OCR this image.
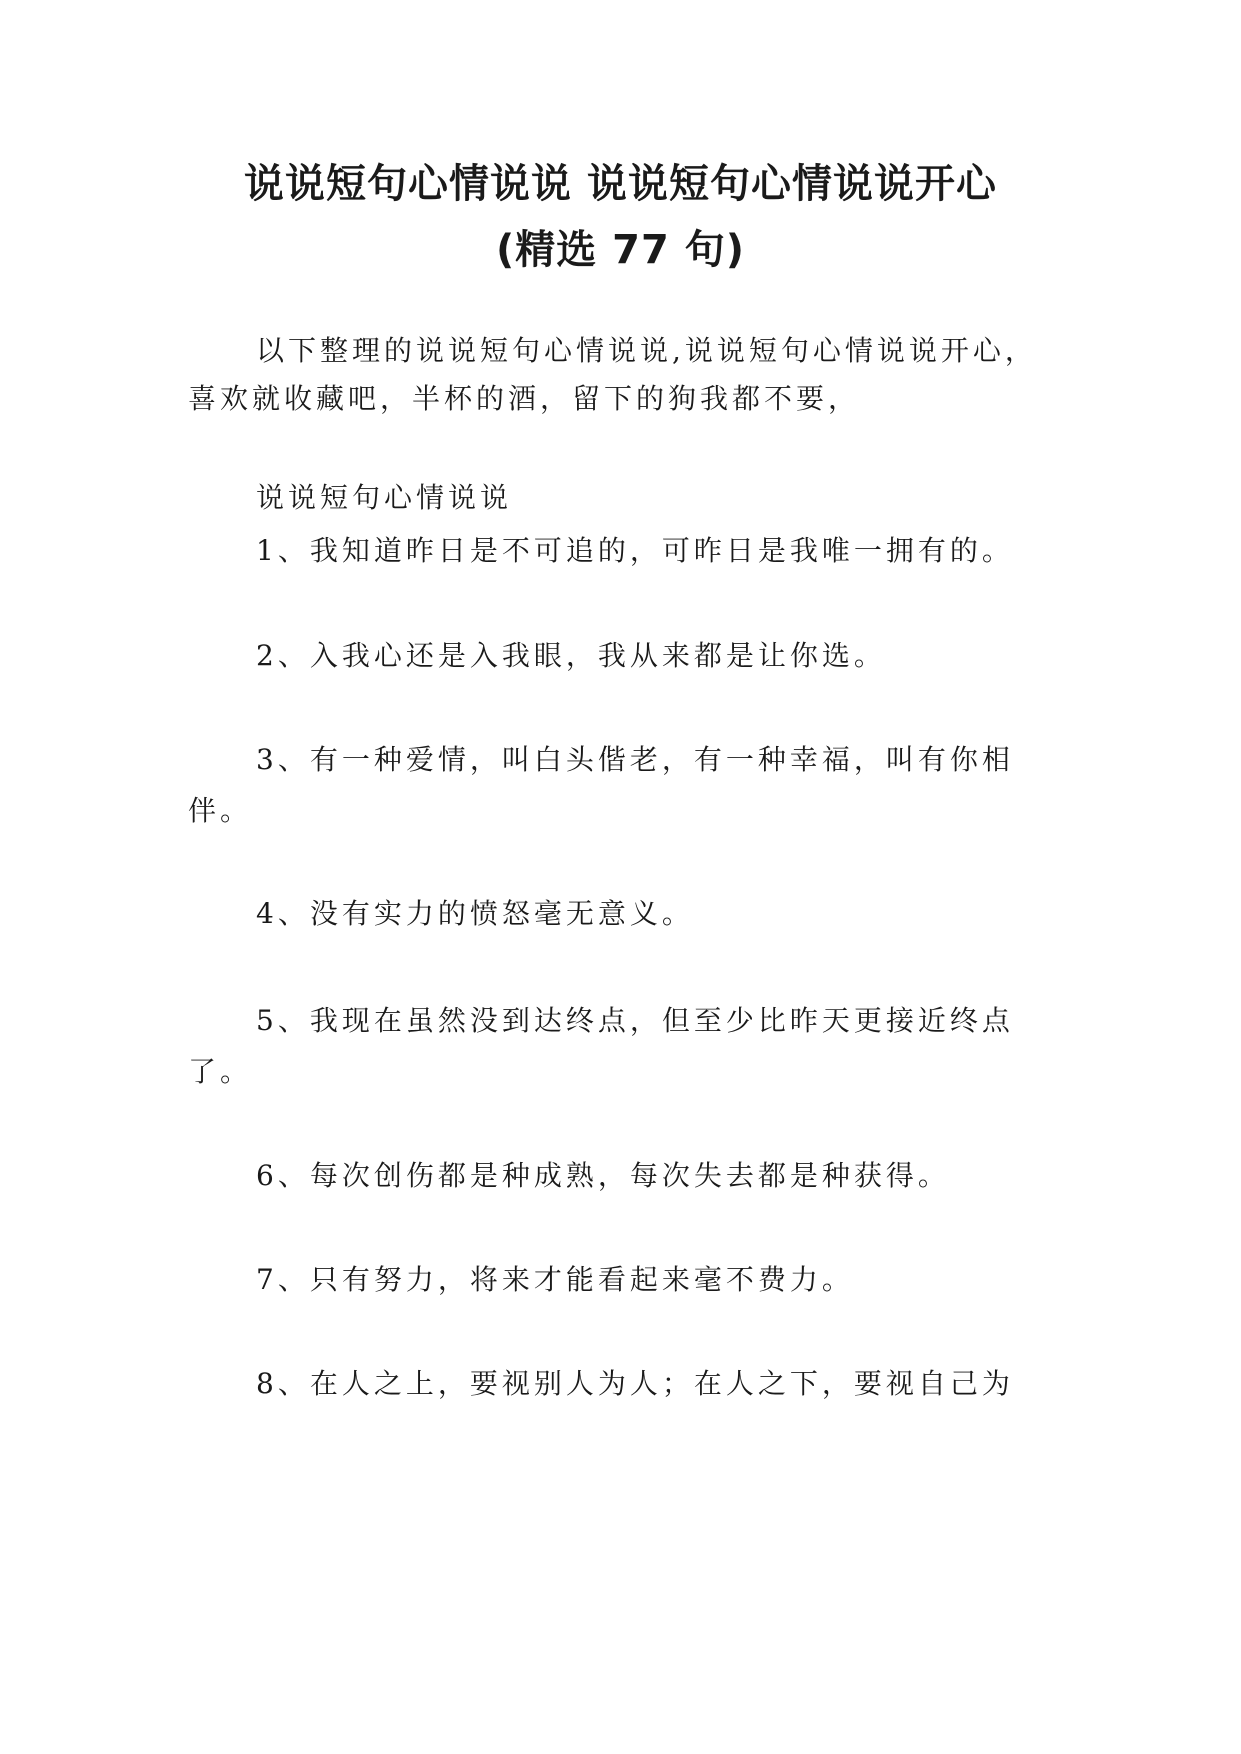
说说短句心情说说 说说短句心情说说开心
(精选 77 句)
以下整理的说说短句心情说说,说说短句心情说说开心，
喜欢就收藏吧，半杯的酒，留下的狗我都不要，
说说短句心情说说
1、我知道昨日是不可追的，可昨日是我唯一拥有的。
2、入我心还是入我眼，我从来都是让你选。
3、有一种爱情，叫白头偕老，有一种幸福，叫有你相
伴。
4、没有实力的愤怒毫无意义。
5、我现在虽然没到达终点，但至少比昨天更接近终点
了。
6、每次创伤都是种成熟，每次失去都是种获得。
7、只有努力，将来才能看起来毫不费力。
8、在人之上，要视别人为人；在人之下，要视自己为
